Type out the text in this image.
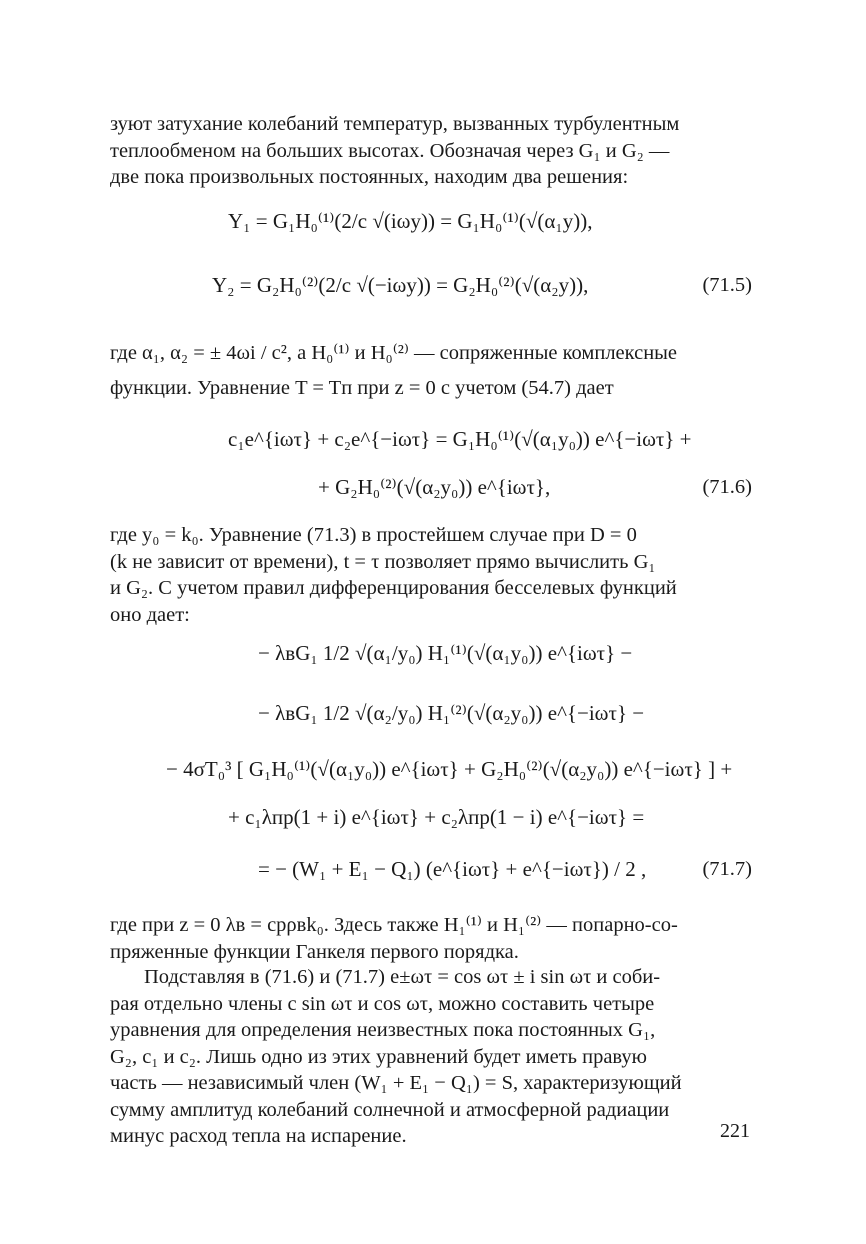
зуют затухание колебаний температур, вызванных турбулентным
теплообменом на больших высотах. Обозначая через G₁ и G₂ —
две пока произвольных постоянных, находим два решения:
Y₁ = G₁H₀⁽¹⁾(2/c √(iωy)) = G₁H₀⁽¹⁾(√(α₁y)),
Y₂ = G₂H₀⁽²⁾(2/c √(−iωy)) = G₂H₀⁽²⁾(√(α₂y)),	(71.5)
где α₁, α₂ = ± 4ωi / c², а H₀⁽¹⁾ и H₀⁽²⁾ — сопряженные комплексные
функции. Уравнение T = Tп при z = 0 с учетом (54.7) дает
c₁e^{iωτ} + c₂e^{−iωτ} = G₁H₀⁽¹⁾(√(α₁y₀)) e^{−iωτ} +
+ G₂H₀⁽²⁾(√(α₂y₀)) e^{iωτ},	(71.6)
где y₀ = k₀. Уравнение (71.3) в простейшем случае при D = 0
(k не зависит от времени), t = τ позволяет прямо вычислить G₁
и G₂. С учетом правил дифференцирования бесселевых функций
оно дает:
− λвG₁ 1/2 √(α₁/y₀) H₁⁽¹⁾(√(α₁y₀)) e^{iωτ} −
− λвG₁ 1/2 √(α₂/y₀) H₁⁽²⁾(√(α₂y₀)) e^{−iωτ} −
− 4σT₀³ [ G₁H₀⁽¹⁾(√(α₁y₀)) e^{iωτ} + G₂H₀⁽²⁾(√(α₂y₀)) e^{−iωτ} ] +
+ c₁λпp(1 + i) e^{iωτ} + c₂λпp(1 − i) e^{−iωτ} =
= − (W₁ + E₁ − Q₁) (e^{iωτ} + e^{−iωτ}) / 2 ,	(71.7)
где при z = 0 λв = cpρвk₀. Здесь также H₁⁽¹⁾ и H₁⁽²⁾ — попарно-со-
пряженные функции Ганкеля первого порядка.
Подставляя в (71.6) и (71.7) e±ωτ = cos ωτ ± i sin ωτ и соби-
рая отдельно члены с sin ωτ и cos ωτ, можно составить четыре
уравнения для определения неизвестных пока постоянных G₁,
G₂, c₁ и c₂. Лишь одно из этих уравнений будет иметь правую
часть — независимый член (W₁ + E₁ − Q₁) = S, характеризующий
сумму амплитуд колебаний солнечной и атмосферной радиации
минус расход тепла на испарение.	221
